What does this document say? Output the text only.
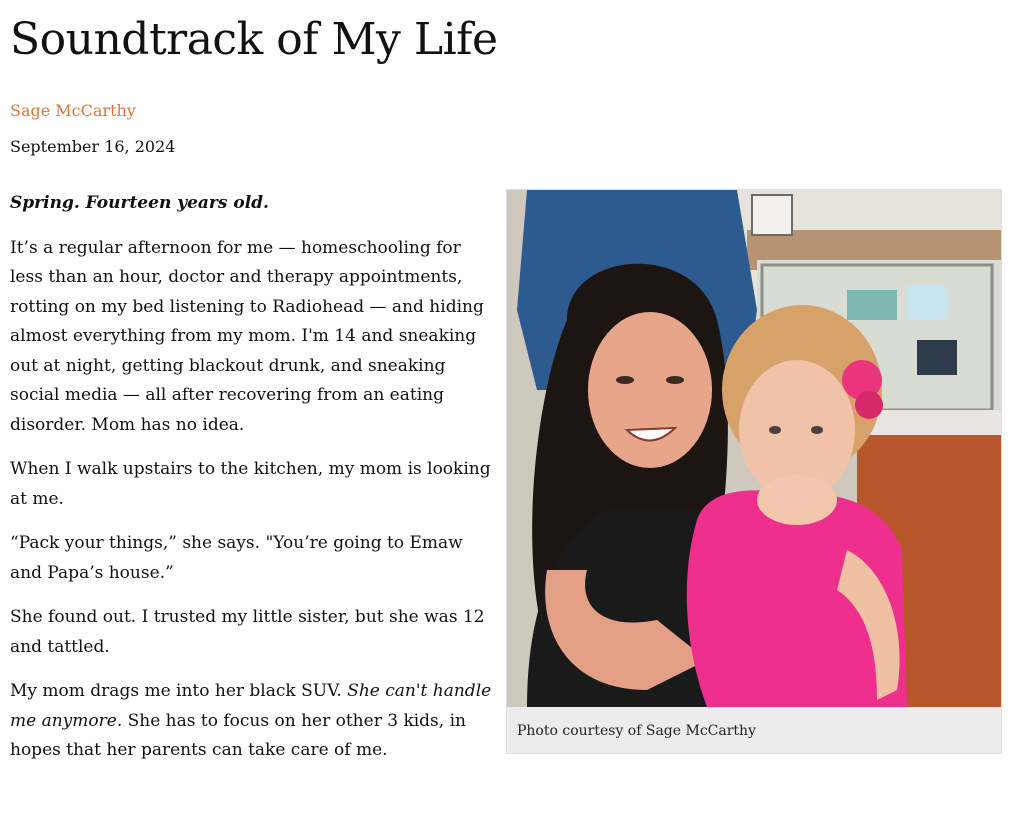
Soundtrack of My Life
Sage McCarthy
September 16, 2024

Spring. Fourteen years old.

It’s a regular afternoon for me — homeschooling for less than an hour, doctor and therapy appointments, rotting on my bed listening to Radiohead — and hiding almost everything from my mom. I'm 14 and sneaking out at night, getting blackout drunk, and sneaking social media — all after recovering from an eating disorder. Mom has no idea.

When I walk upstairs to the kitchen, my mom is looking at me.

“Pack your things,” she says. "You’re going to Emaw and Papa’s house.”

She found out. I trusted my little sister, but she was 12 and tattled.

My mom drags me into her black SUV. She can't handle me anymore. She has to focus on her other 3 kids, in hopes that her parents can take care of me.

Photo courtesy of Sage McCarthy
